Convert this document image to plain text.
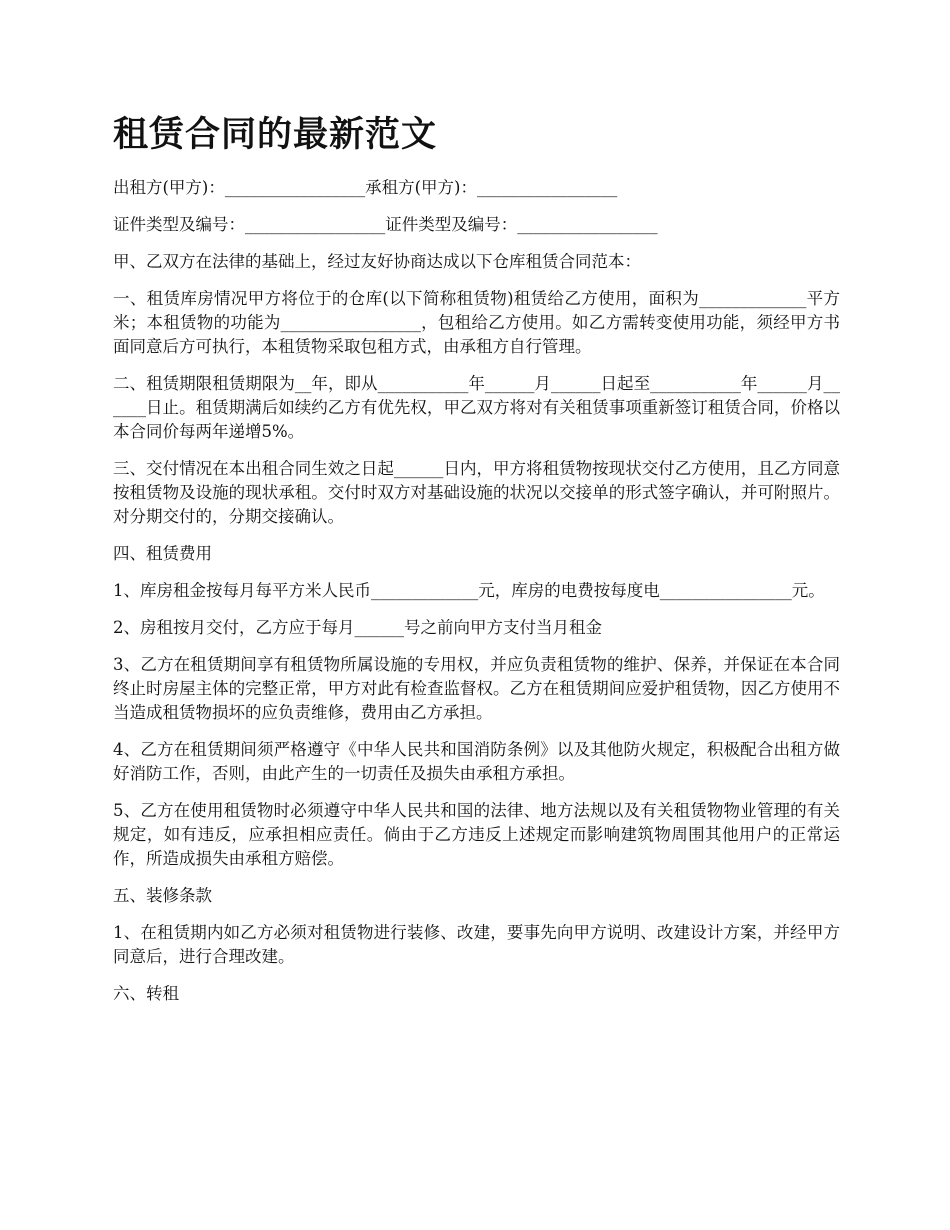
租赁合同的最新范文

出租方(甲方)：_________________承租方(甲方)：_________________

证件类型及编号：_________________证件类型及编号：_________________

甲、乙双方在法律的基础上，经过友好协商达成以下仓库租赁合同范本：

一、租赁库房情况甲方将位于的仓库(以下简称租赁物)租赁给乙方使用，面积为_____________平方米；本租赁物的功能为_________________，包租给乙方使用。如乙方需转变使用功能，须经甲方书面同意后方可执行，本租赁物采取包租方式，由承租方自行管理。

二、租赁期限租赁期限为__年，即从___________年______月______日起至___________年______月______日止。租赁期满后如续约乙方有优先权，甲乙双方将对有关租赁事项重新签订租赁合同，价格以本合同价每两年递增5%。

三、交付情况在本出租合同生效之日起______日内，甲方将租赁物按现状交付乙方使用，且乙方同意按租赁物及设施的现状承租。交付时双方对基础设施的状况以交接单的形式签字确认，并可附照片。对分期交付的，分期交接确认。

四、租赁费用

1、库房租金按每月每平方米人民币_____________元，库房的电费按每度电________________元。

2、房租按月交付，乙方应于每月______号之前向甲方支付当月租金

3、乙方在租赁期间享有租赁物所属设施的专用权，并应负责租赁物的维护、保养，并保证在本合同终止时房屋主体的完整正常，甲方对此有检查监督权。乙方在租赁期间应爱护租赁物，因乙方使用不当造成租赁物损坏的应负责维修，费用由乙方承担。

4、乙方在租赁期间须严格遵守《中华人民共和国消防条例》以及其他防火规定，积极配合出租方做好消防工作，否则，由此产生的一切责任及损失由承租方承担。

5、乙方在使用租赁物时必须遵守中华人民共和国的法律、地方法规以及有关租赁物物业管理的有关规定，如有违反，应承担相应责任。倘由于乙方违反上述规定而影响建筑物周围其他用户的正常运作，所造成损失由承租方赔偿。

五、装修条款

1、在租赁期内如乙方必须对租赁物进行装修、改建，要事先向甲方说明、改建设计方案，并经甲方同意后，进行合理改建。

六、转租
